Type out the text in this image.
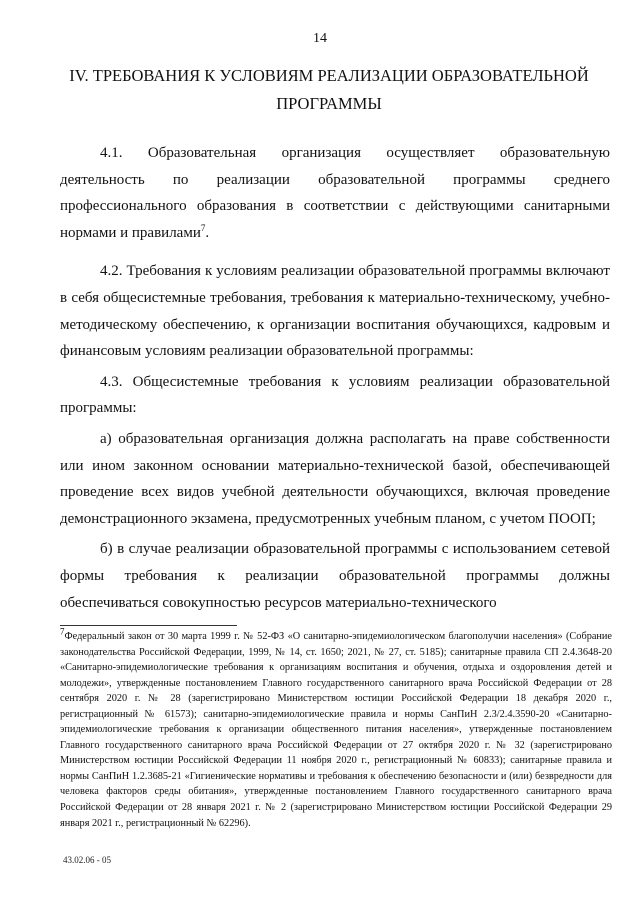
14
IV. ТРЕБОВАНИЯ К УСЛОВИЯМ РЕАЛИЗАЦИИ ОБРАЗОВАТЕЛЬНОЙ
ПРОГРАММЫ

4.1. Образовательная организация осуществляет образовательную деятельность по реализации образовательной программы среднего профессионального образования в соответствии с действующими санитарными нормами и правилами$^7$.

4.2. Требования к условиям реализации образовательной программы включают в себя общесистемные требования, требования к материально-техническому, учебно-методическому обеспечению, к организации воспитания обучающихся, кадровым и финансовым условиям реализации образовательной программы:

4.3. Общесистемные требования к условиям реализации образовательной программы:

а) образовательная организация должна располагать на праве собственности или ином законном основании материально-технической базой, обеспечивающей проведение всех видов учебной деятельности обучающихся, включая проведение демонстрационного экзамена, предусмотренных учебным планом, с учетом ПООП;

б) в случае реализации образовательной программы с использованием сетевой формы требования к реализации образовательной программы должны обеспечиваться совокупностью ресурсов материально-технического

$^7$Федеральный закон от 30 марта 1999 г. № 52-ФЗ «О санитарно-эпидемиологическом благополучии населения» (Собрание законодательства Российской Федерации, 1999, № 14, ст. 1650; 2021, № 27, ст. 5185); санитарные правила СП 2.4.3648-20 «Санитарно-эпидемиологические требования к организациям воспитания и обучения, отдыха и оздоровления детей и молодежи», утвержденные постановлением Главного государственного санитарного врача Российской Федерации от 28 сентября 2020 г. № 28 (зарегистрировано Министерством юстиции Российской Федерации 18 декабря 2020 г., регистрационный № 61573); санитарно-эпидемиологические правила и нормы СанПиН 2.3/2.4.3590-20 «Санитарно-эпидемиологические требования к организации общественного питания населения», утвержденные постановлением Главного государственного санитарного врача Российской Федерации от 27 октября 2020 г. № 32 (зарегистрировано Министерством юстиции Российской Федерации 11 ноября 2020 г., регистрационный № 60833); санитарные правила и нормы СанПиН 1.2.3685-21 «Гигиенические нормативы и требования к обеспечению безопасности и (или) безвредности для человека факторов среды обитания», утвержденные постановлением Главного государственного санитарного врача Российской Федерации от 28 января 2021 г. № 2 (зарегистрировано Министерством юстиции Российской Федерации 29 января 2021 г., регистрационный № 62296).

43.02.06 - 05
